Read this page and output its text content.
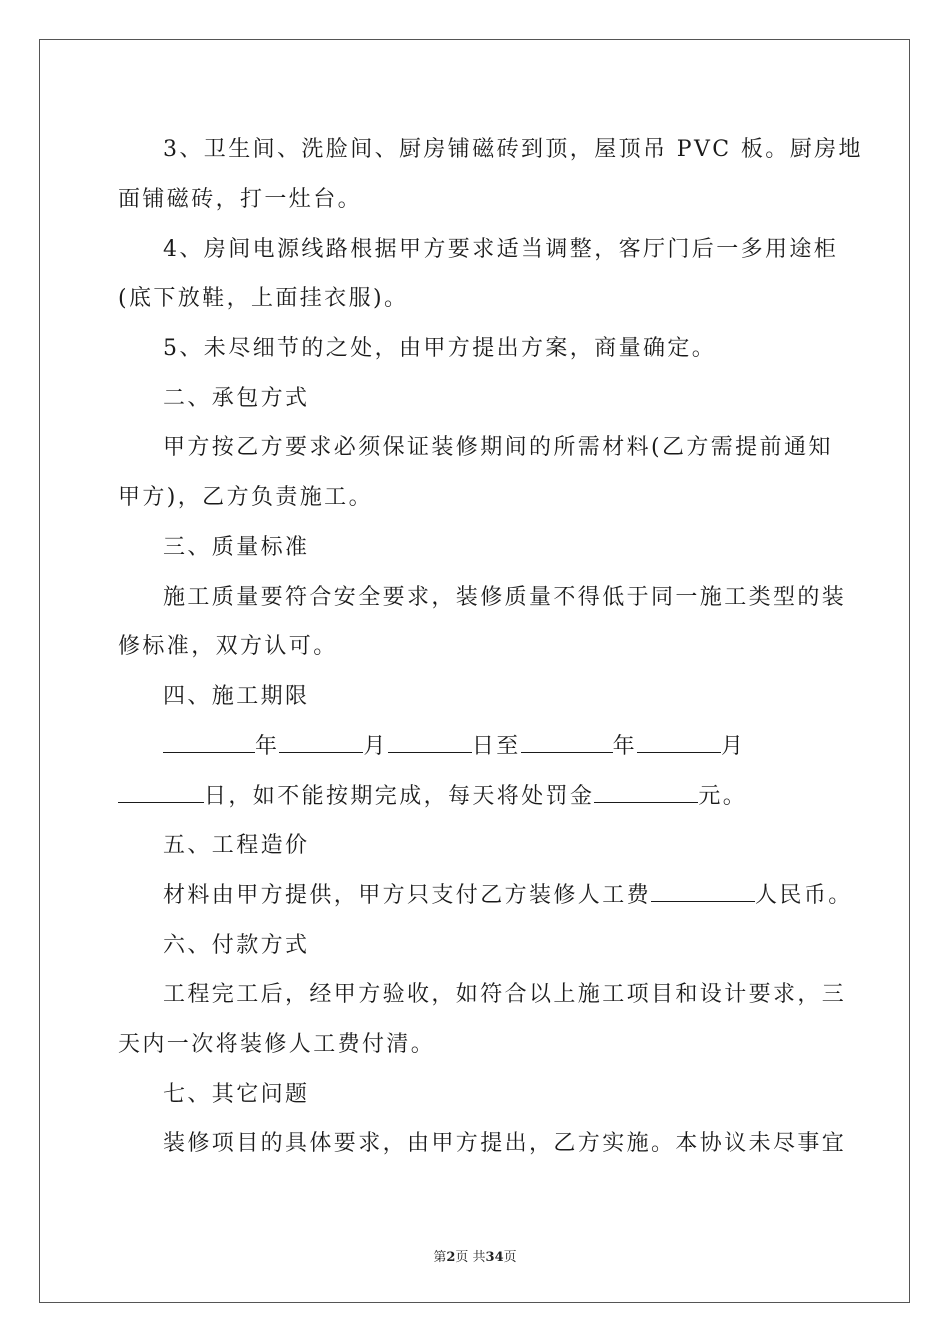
3、卫生间、洗脸间、厨房铺磁砖到顶，屋顶吊 PVC 板。厨房地
面铺磁砖，打一灶台。
4、房间电源线路根据甲方要求适当调整，客厅门后一多用途柜
(底下放鞋，上面挂衣服)。
5、未尽细节的之处，由甲方提出方案，商量确定。
二、承包方式
甲方按乙方要求必须保证装修期间的所需材料(乙方需提前通知
甲方)，乙方负责施工。
三、质量标准
施工质量要符合安全要求，装修质量不得低于同一施工类型的装
修标准，双方认可。
四、施工期限
年	月	日至	年	月
日，如不能按期完成，每天将处罚金	元。
五、工程造价
材料由甲方提供，甲方只支付乙方装修人工费	人民币。
六、付款方式
工程完工后，经甲方验收，如符合以上施工项目和设计要求，三
天内一次将装修人工费付清。
七、其它问题
装修项目的具体要求，由甲方提出，乙方实施。本协议未尽事宜
第2页 共34页
